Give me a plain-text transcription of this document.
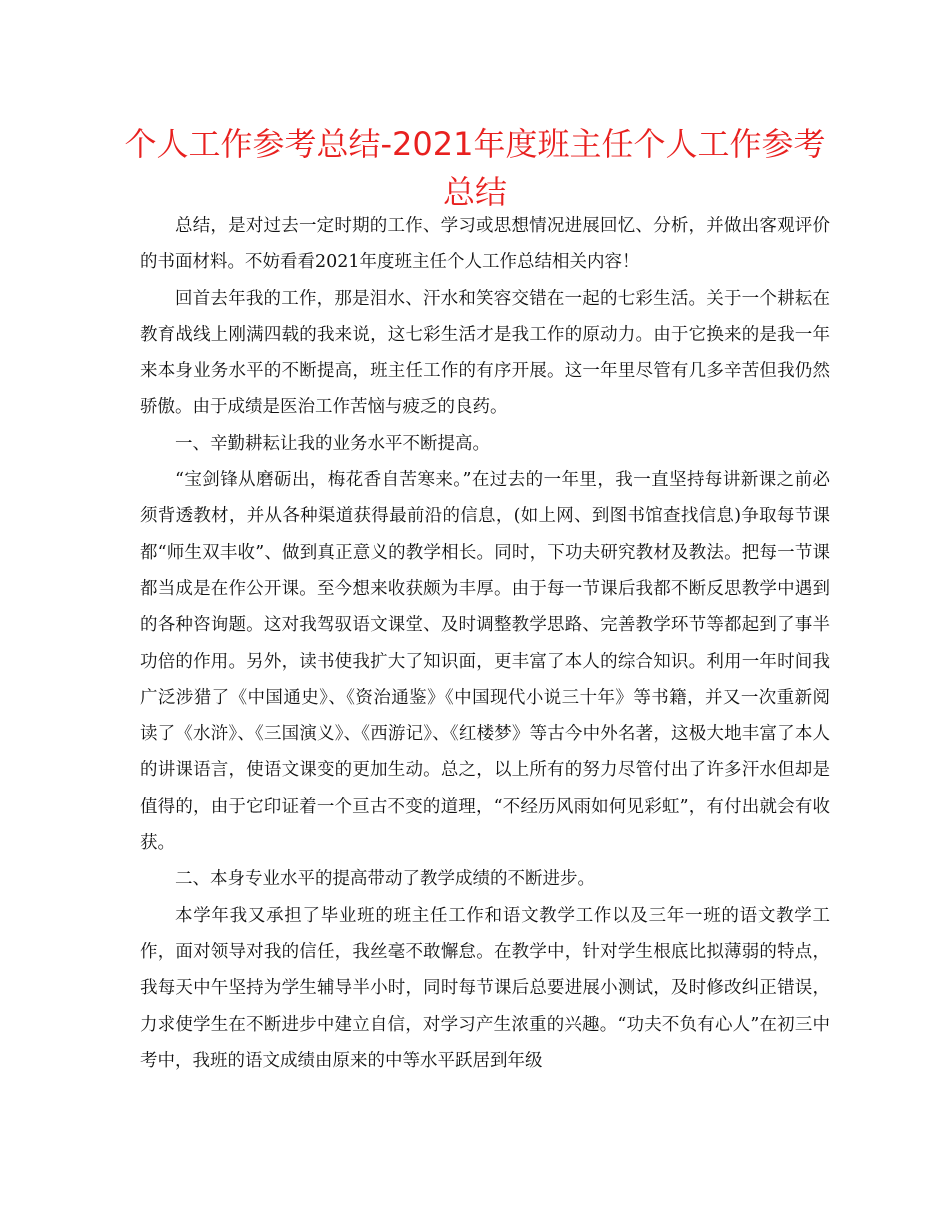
个人工作参考总结-2021年度班主任个人工作参考总结

总结，是对过去一定时期的工作、学习或思想情况进展回忆、分析，并做出客观评价的书面材料。不妨看看2021年度班主任个人工作总结相关内容！

回首去年我的工作，那是泪水、汗水和笑容交错在一起的七彩生活。关于一个耕耘在教育战线上刚满四载的我来说，这七彩生活才是我工作的原动力。由于它换来的是我一年来本身业务水平的不断提高，班主任工作的有序开展。这一年里尽管有几多辛苦但我仍然骄傲。由于成绩是医治工作苦恼与疲乏的良药。

一、辛勤耕耘让我的业务水平不断提高。

“宝剑锋从磨砺出，梅花香自苦寒来。”在过去的一年里，我一直坚持每讲新课之前必须背透教材，并从各种渠道获得最前沿的信息，(如上网、到图书馆查找信息)争取每节课都“师生双丰收”、做到真正意义的教学相长。同时，下功夫研究教材及教法。把每一节课都当成是在作公开课。至今想来收获颇为丰厚。由于每一节课后我都不断反思教学中遇到的各种咨询题。这对我驾驭语文课堂、及时调整教学思路、完善教学环节等都起到了事半功倍的作用。另外，读书使我扩大了知识面，更丰富了本人的综合知识。利用一年时间我广泛涉猎了《中国通史》、《资治通鉴》《中国现代小说三十年》等书籍，并又一次重新阅读了《水浒》、《三国演义》、《西游记》、《红楼梦》等古今中外名著，这极大地丰富了本人的讲课语言，使语文课变的更加生动。总之，以上所有的努力尽管付出了许多汗水但却是值得的，由于它印证着一个亘古不变的道理，“不经历风雨如何见彩虹”，有付出就会有收获。

二、本身专业水平的提高带动了教学成绩的不断进步。

本学年我又承担了毕业班的班主任工作和语文教学工作以及三年一班的语文教学工作，面对领导对我的信任，我丝毫不敢懈怠。在教学中，针对学生根底比拟薄弱的特点，我每天中午坚持为学生辅导半小时，同时每节课后总要进展小测试，及时修改纠正错误，力求使学生在不断进步中建立自信，对学习产生浓重的兴趣。“功夫不负有心人”在初三中考中，我班的语文成绩由原来的中等水平跃居到年级
